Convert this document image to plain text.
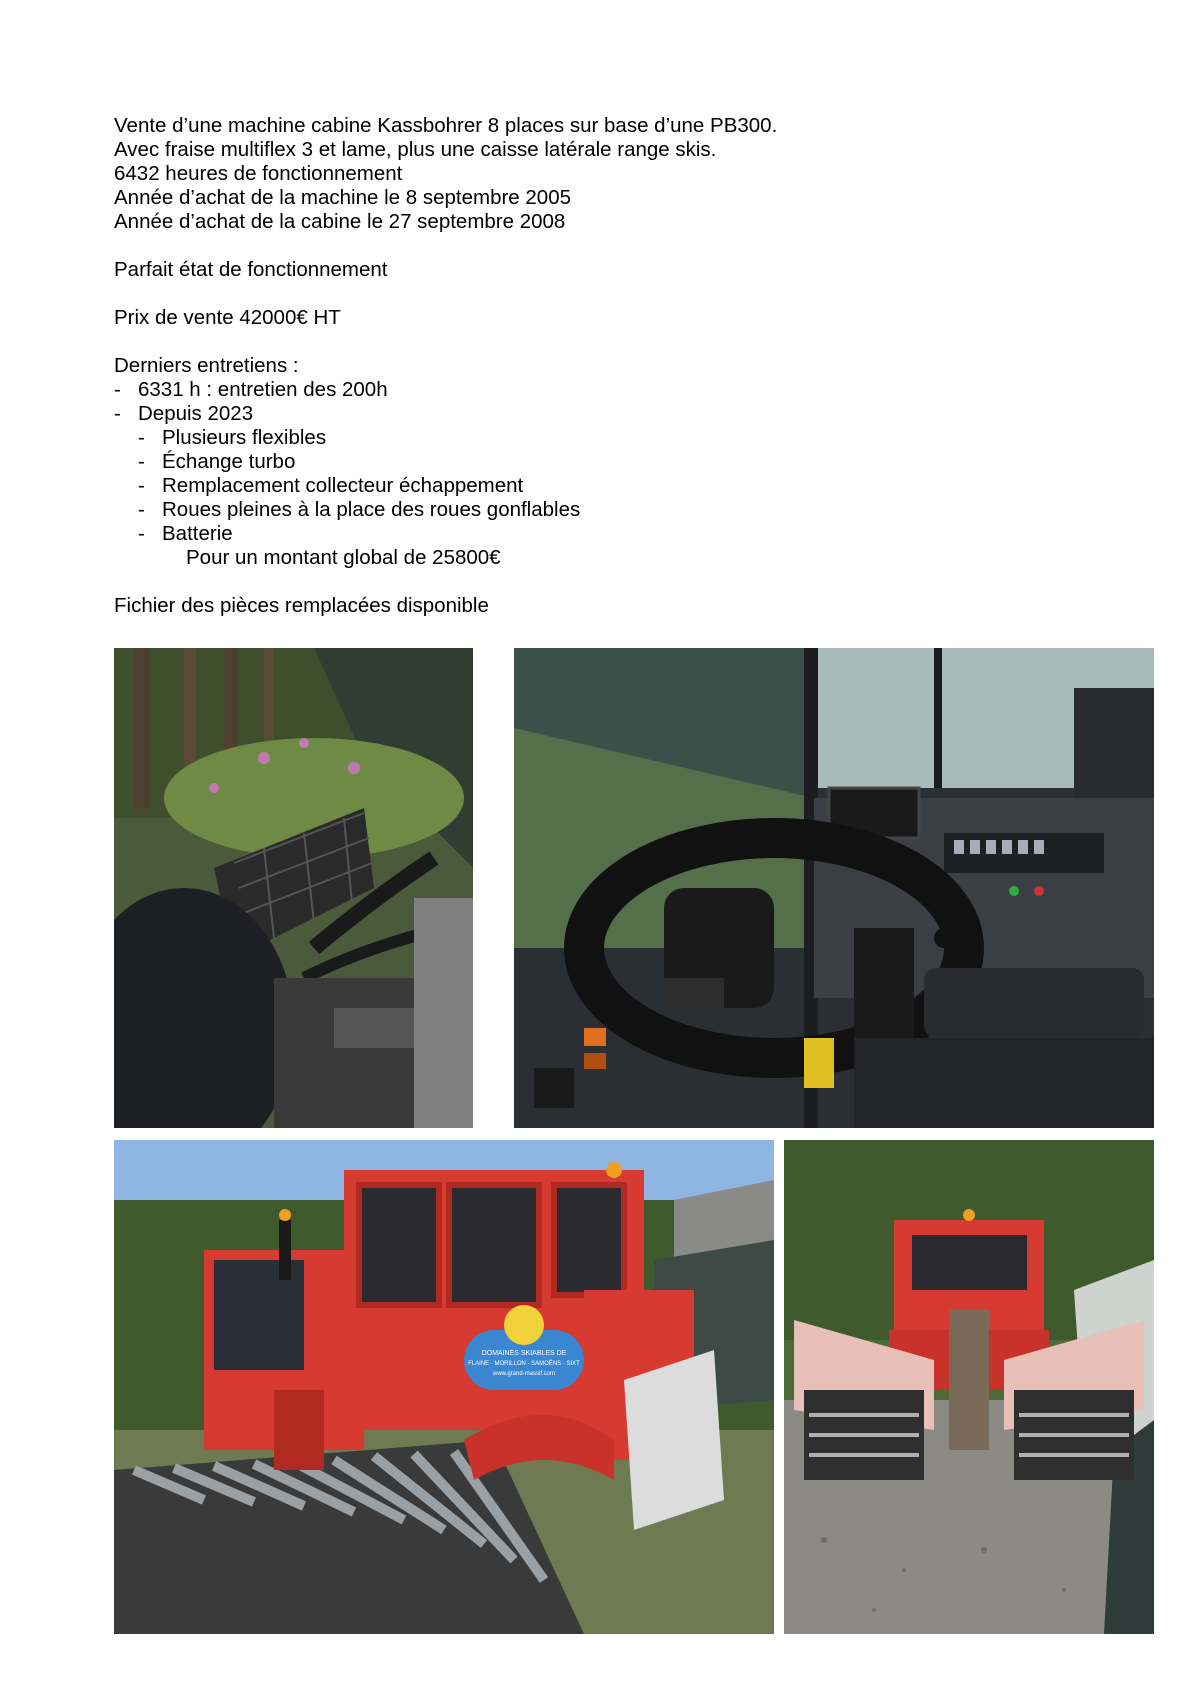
Vente d’une machine cabine Kassbohrer 8 places sur base d’une PB300.
Avec fraise multiflex 3 et lame, plus une caisse latérale range skis.
6432 heures de fonctionnement
Année d’achat de la machine le 8 septembre 2005
Année d’achat de la cabine le 27 septembre 2008
Parfait état de fonctionnement
Prix de vente 42000€ HT
Derniers entretiens :
- 6331 h : entretien des 200h
- Depuis 2023
- Plusieurs flexibles
- Échange turbo
- Remplacement collecteur échappement
- Roues pleines à la place des roues gonflables
- Batterie
Pour un montant global de 25800€
Fichier des pièces remplacées disponible
DOMAINES SKIABLES DE
FLAINE · MORILLON · SAMOËNS · SIXT
www.grand-massif.com
